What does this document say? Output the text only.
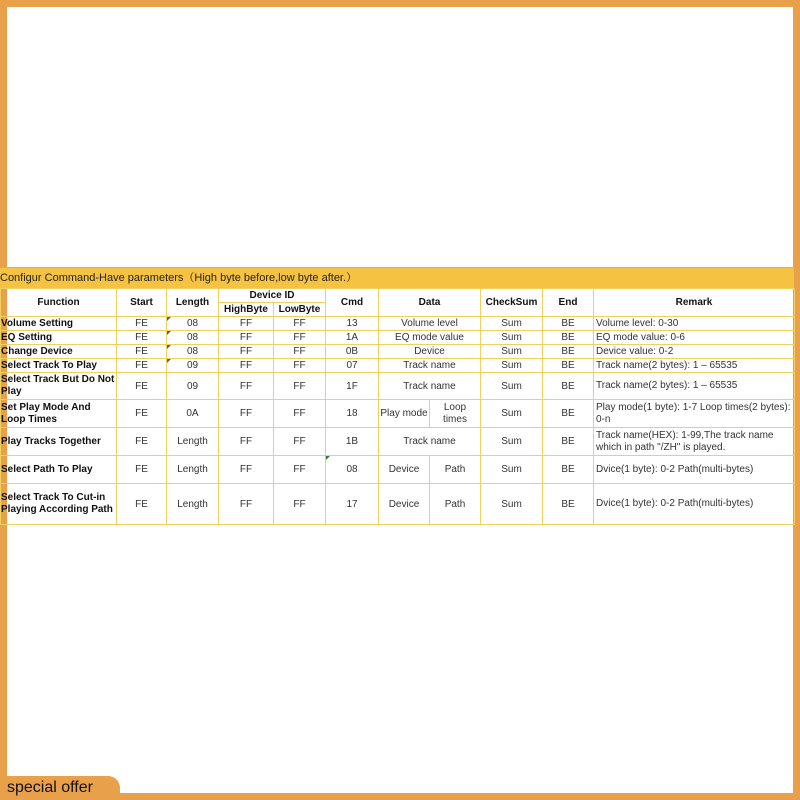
Configur Command-Have parameters（High byte before,low byte after.）
Function	Start	Length	Device ID		Cmd	Data		CheckSum	End	Remark
			HighByte	LowByte						
Volume Setting	FE	08	FF	FF	13	Volume level		Sum	BE	Volume level: 0-30
EQ Setting	FE	08	FF	FF	1A	EQ mode value		Sum	BE	EQ mode value: 0-6
Change Device	FE	08	FF	FF	0B	Device		Sum	BE	Device value: 0-2
Select Track To Play	FE	09	FF	FF	07	Track name		Sum	BE	Track name(2 bytes): 1 – 65535
Select Track But Do Not Play	FE	09	FF	FF	1F	Track name		Sum	BE	Track name(2 bytes): 1 – 65535
Set Play Mode And Loop Times	FE	0A	FF	FF	18	Play mode	Loop times	Sum	BE	Play mode(1 byte): 1-7 Loop times(2 bytes): 0-n
Play Tracks Together	FE	Length	FF	FF	1B	Track name		Sum	BE	Track name(HEX): 1-99,The track name which in path "/ZH" is played.
Select Path To Play	FE	Length	FF	FF	08	Device	Path	Sum	BE	Dvice(1 byte): 0-2 Path(multi-bytes)
Select Track To Cut-in Playing According Path	FE	Length	FF	FF	17	Device	Path	Sum	BE	Dvice(1 byte): 0-2 Path(multi-bytes)
special offer
